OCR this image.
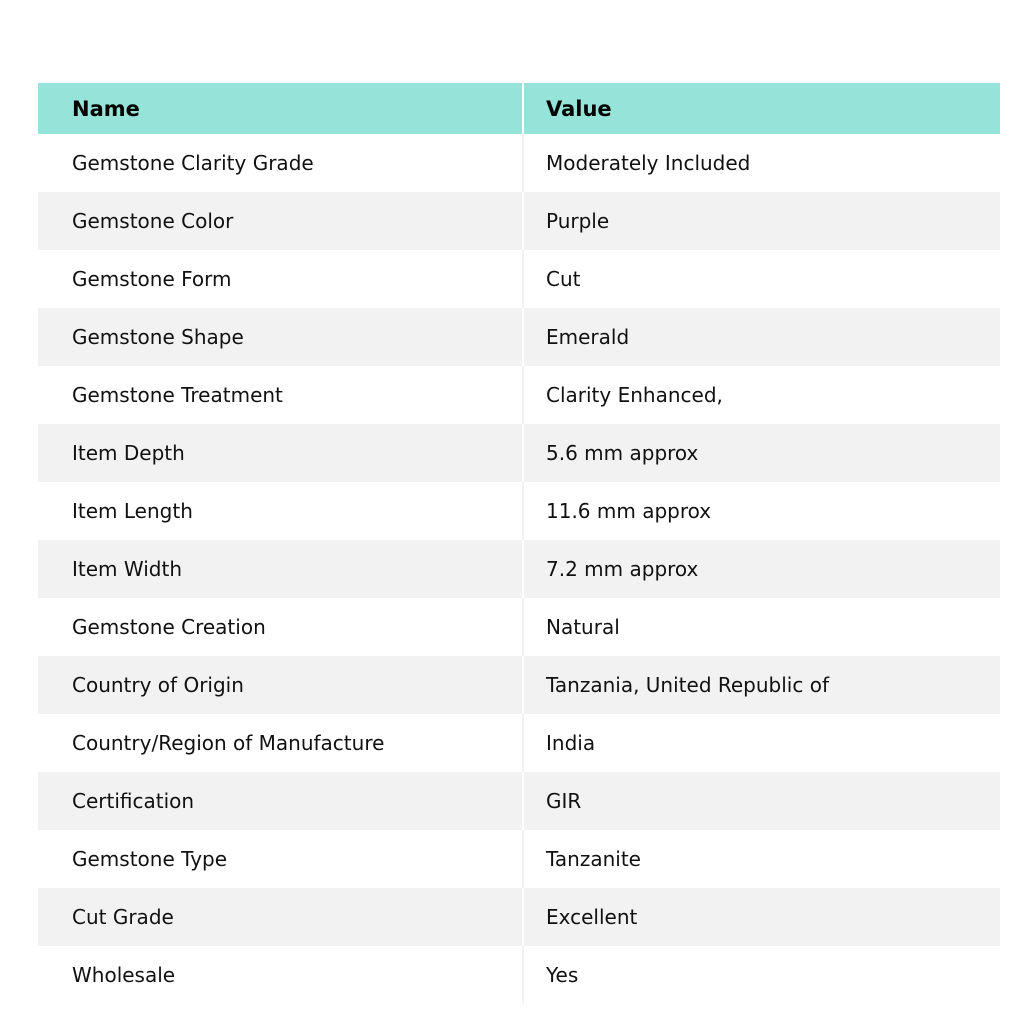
Name	Value
Gemstone Clarity Grade	Moderately Included
Gemstone Color	Purple
Gemstone Form	Cut
Gemstone Shape	Emerald
Gemstone Treatment	Clarity Enhanced,
Item Depth	5.6 mm approx
Item Length	11.6 mm approx
Item Width	7.2 mm approx
Gemstone Creation	Natural
Country of Origin	Tanzania, United Republic of
Country/Region of Manufacture	India
Certification	GIR
Gemstone Type	Tanzanite
Cut Grade	Excellent
Wholesale	Yes
